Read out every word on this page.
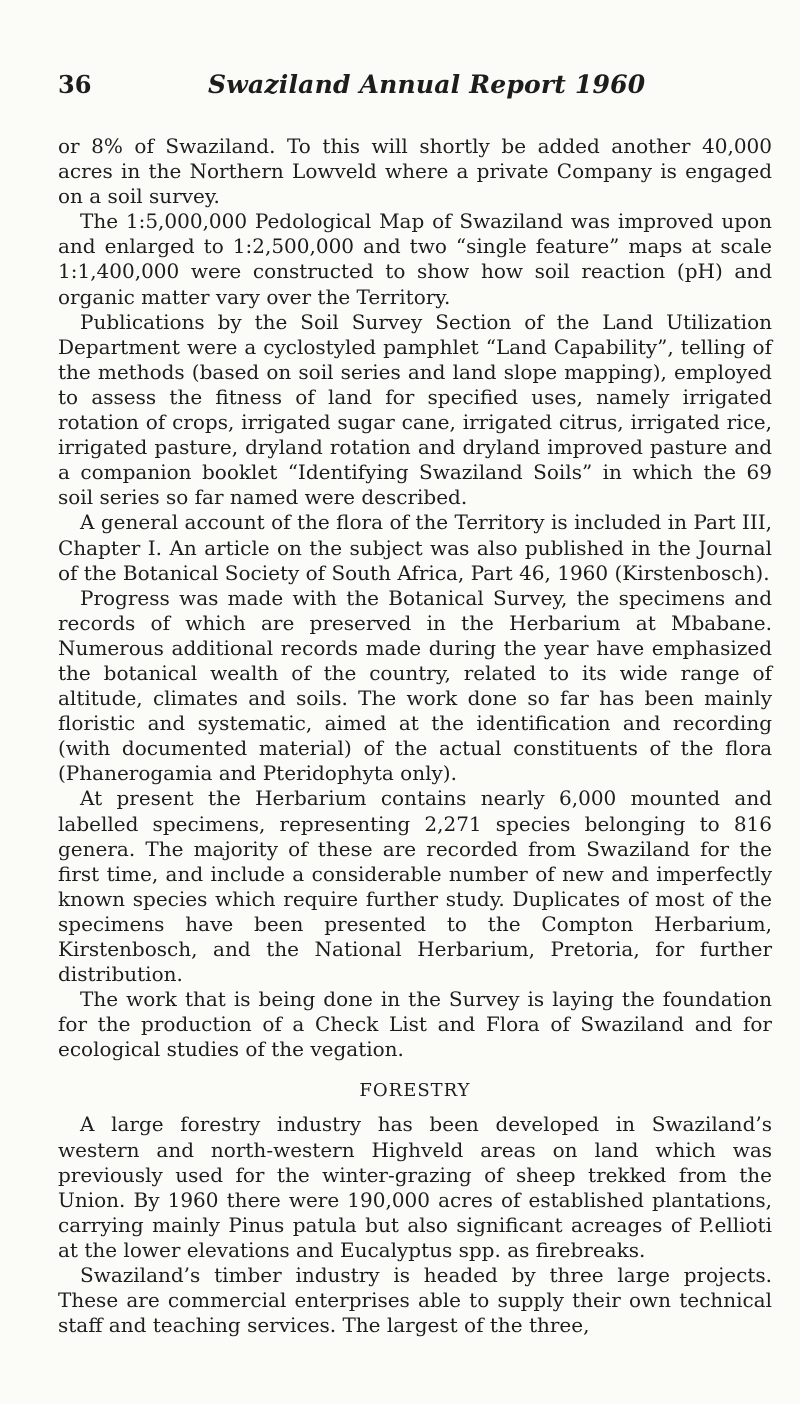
36	Swaziland Annual Report 1960

or 8% of Swaziland. To this will shortly be added another 40,000 acres in the Northern Lowveld where a private Company is engaged on a soil survey.

The 1:5,000,000 Pedological Map of Swaziland was improved upon and enlarged to 1:2,500,000 and two “single feature” maps at scale 1:1,400,000 were constructed to show how soil reaction (pH) and organic matter vary over the Territory.

Publications by the Soil Survey Section of the Land Utilization Department were a cyclostyled pamphlet “Land Capability”, telling of the methods (based on soil series and land slope mapping), employed to assess the fitness of land for specified uses, namely irrigated rotation of crops, irrigated sugar cane, irrigated citrus, irrigated rice, irrigated pasture, dryland rotation and dryland improved pasture and a companion booklet “Identifying Swaziland Soils” in which the 69 soil series so far named were described.

A general account of the flora of the Territory is included in Part III, Chapter I. An article on the subject was also published in the Journal of the Botanical Society of South Africa, Part 46, 1960 (Kirstenbosch).

Progress was made with the Botanical Survey, the specimens and records of which are preserved in the Herbarium at Mbabane. Numerous additional records made during the year have emphasized the botanical wealth of the country, related to its wide range of altitude, climates and soils. The work done so far has been mainly floristic and systematic, aimed at the identification and recording (with documented material) of the actual constituents of the flora (Phanerogamia and Pteridophyta only).

At present the Herbarium contains nearly 6,000 mounted and labelled specimens, representing 2,271 species belonging to 816 genera. The majority of these are recorded from Swaziland for the first time, and include a considerable number of new and imperfectly known species which require further study. Duplicates of most of the specimens have been presented to the Compton Herbarium, Kirstenbosch, and the National Herbarium, Pretoria, for further distribution.

The work that is being done in the Survey is laying the foundation for the production of a Check List and Flora of Swaziland and for ecological studies of the vegation.

FORESTRY

A large forestry industry has been developed in Swaziland’s western and north-western Highveld areas on land which was previously used for the winter-grazing of sheep trekked from the Union. By 1960 there were 190,000 acres of established plantations, carrying mainly Pinus patula but also significant acreages of P.ellioti at the lower elevations and Eucalyptus spp. as firebreaks.

Swaziland’s timber industry is headed by three large projects. These are commercial enterprises able to supply their own technical staff and teaching services. The largest of the three,
